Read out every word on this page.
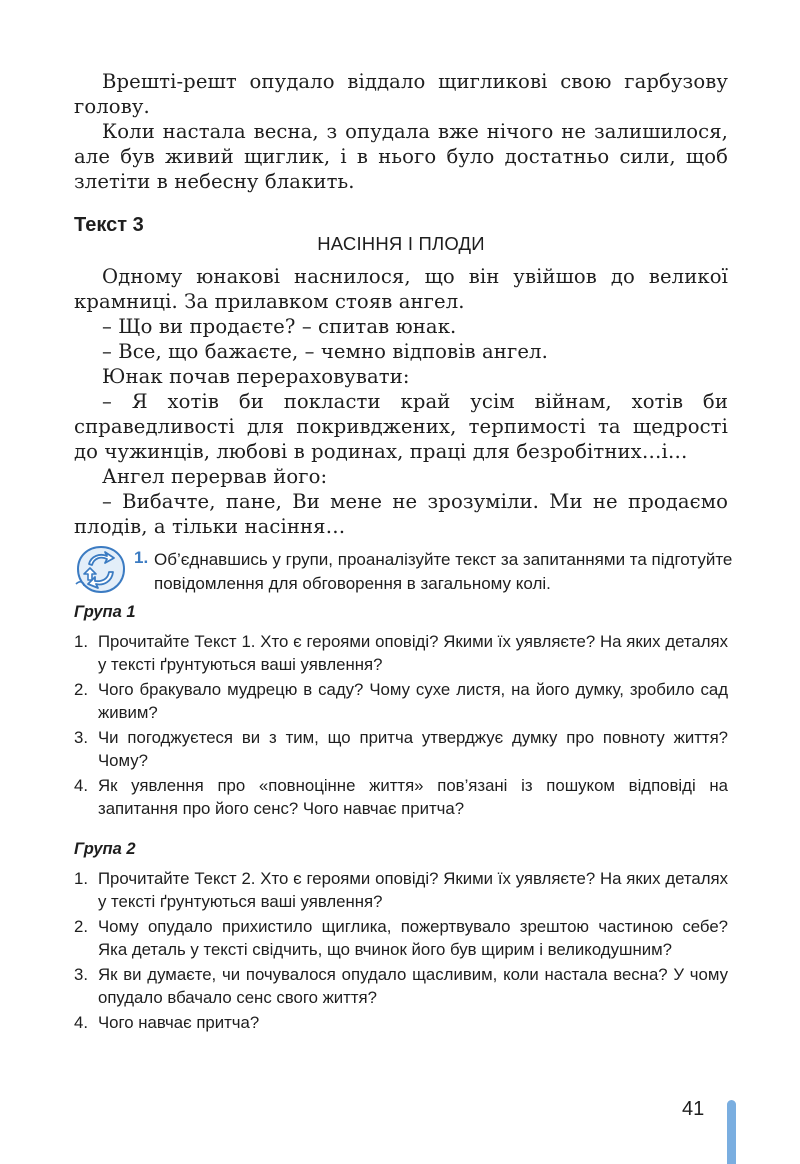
Врешті-решт опудало віддало щигликові свою гарбузову голову.

Коли настала весна, з опудала вже нічого не залишилося, але був живий щиглик, і в нього було достатньо сили, щоб злетіти в небесну блакить.

Текст 3
НАСІННЯ І ПЛОДИ

Одному юнакові наснилося, що він увійшов до великої крамниці. За прилавком стояв ангел.

– Що ви продаєте? – спитав юнак.

– Все, що бажаєте, – чемно відповів ангел.

Юнак почав перераховувати:

– Я хотів би покласти край усім війнам, хотів би справедливості для покривджених, терпимості та щедрості до чужинців, любові в родинах, праці для безробітних…і…

Ангел перервав його:

– Вибачте, пане, Ви мене не зрозуміли. Ми не продаємо плодів, а тільки насіння…

1. Об’єднавшись у групи, проаналізуйте текст за запитаннями та підготуйте повідомлення для обговорення в загальному колі.
Група 1
1. Прочитайте Текст 1. Хто є героями оповіді? Якими їх уявляєте? На яких деталях у тексті ґрунтуються ваші уявлення?
2. Чого бракувало мудрецю в саду? Чому сухе листя, на його думку, зробило сад живим?
3. Чи погоджуєтеся ви з тим, що притча утверджує думку про повноту життя? Чому?
4. Як уявлення про «повноцінне життя» пов’язані із пошуком відповіді на запитання про його сенс? Чого навчає притча?
Група 2
1. Прочитайте Текст 2. Хто є героями оповіді? Якими їх уявляєте? На яких деталях у тексті ґрунтуються ваші уявлення?
2. Чому опудало прихистило щиглика, пожертвувало зрештою частиною себе? Яка деталь у тексті свідчить, що вчинок його був щирим і великодушним?
3. Як ви думаєте, чи почувалося опудало щасливим, коли настала весна? У чому опудало вбачало сенс свого життя?
4. Чого навчає притча?
41
